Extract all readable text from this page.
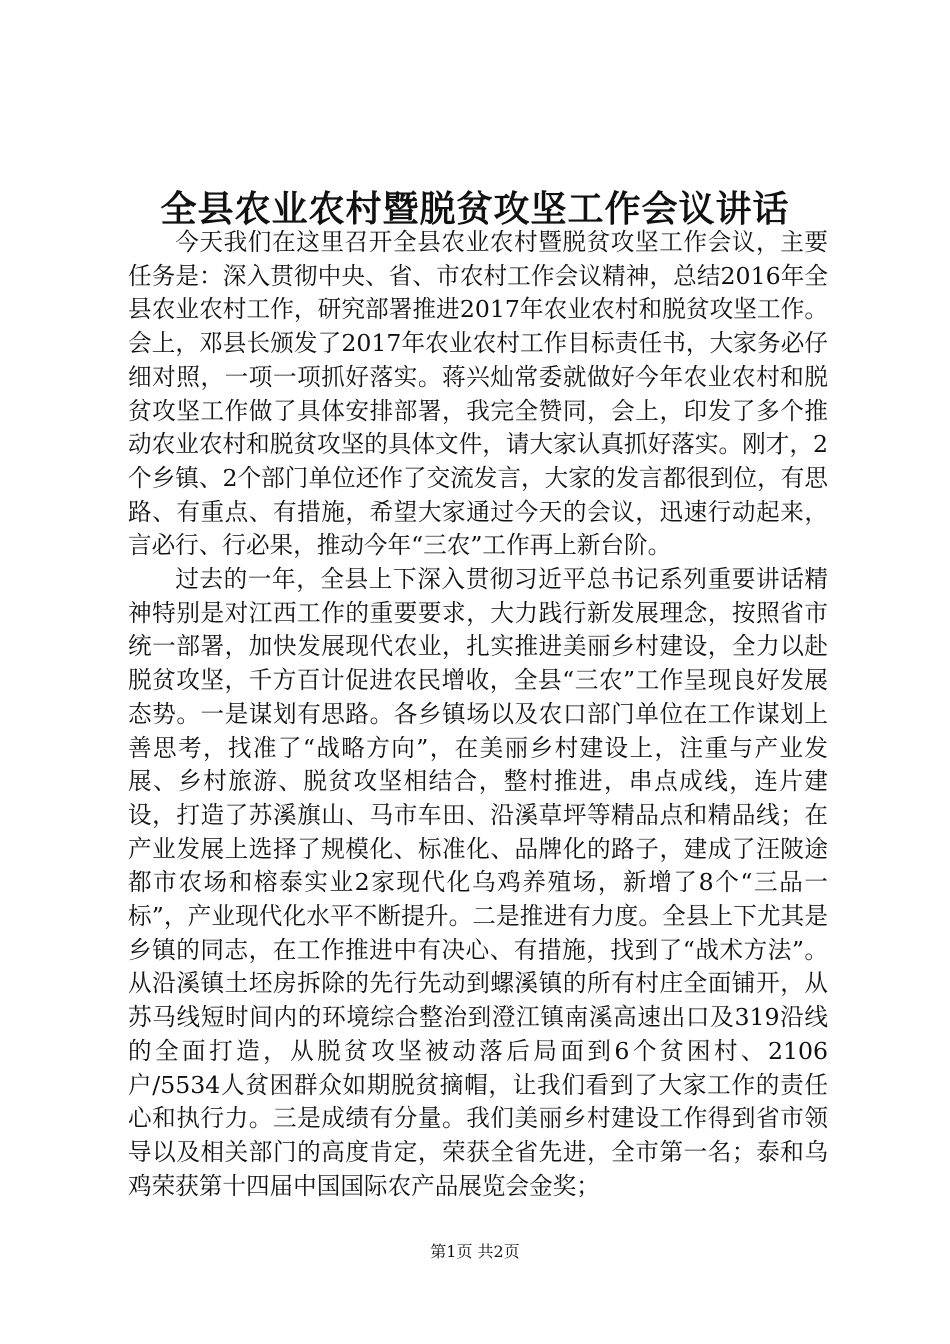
全县农业农村暨脱贫攻坚工作会议讲话

今天我们在这里召开全县农业农村暨脱贫攻坚工作会议，主要任务是：深入贯彻中央、省、市农村工作会议精神，总结2016年全县农业农村工作，研究部署推进2017年农业农村和脱贫攻坚工作。会上，邓县长颁发了2017年农业农村工作目标责任书，大家务必仔细对照，一项一项抓好落实。蒋兴灿常委就做好今年农业农村和脱贫攻坚工作做了具体安排部署，我完全赞同，会上，印发了多个推动农业农村和脱贫攻坚的具体文件，请大家认真抓好落实。刚才，2个乡镇、2个部门单位还作了交流发言，大家的发言都很到位，有思路、有重点、有措施，希望大家通过今天的会议，迅速行动起来，言必行、行必果，推动今年“三农”工作再上新台阶。

过去的一年，全县上下深入贯彻习近平总书记系列重要讲话精神特别是对江西工作的重要要求，大力践行新发展理念，按照省市统一部署，加快发展现代农业，扎实推进美丽乡村建设，全力以赴脱贫攻坚，千方百计促进农民增收，全县“三农”工作呈现良好发展态势。一是谋划有思路。各乡镇场以及农口部门单位在工作谋划上善思考，找准了“战略方向”，在美丽乡村建设上，注重与产业发展、乡村旅游、脱贫攻坚相结合，整村推进，串点成线，连片建设，打造了苏溪旗山、马市车田、沿溪草坪等精品点和精品线；在产业发展上选择了规模化、标准化、品牌化的路子，建成了汪陂途都市农场和榕泰实业2家现代化乌鸡养殖场，新增了8个“三品一标”，产业现代化水平不断提升。二是推进有力度。全县上下尤其是乡镇的同志，在工作推进中有决心、有措施，找到了“战术方法”。从沿溪镇土坯房拆除的先行先动到螺溪镇的所有村庄全面铺开，从苏马线短时间内的环境综合整治到澄江镇南溪高速出口及319沿线的全面打造，从脱贫攻坚被动落后局面到6个贫困村、2106户/5534人贫困群众如期脱贫摘帽，让我们看到了大家工作的责任心和执行力。三是成绩有分量。我们美丽乡村建设工作得到省市领导以及相关部门的高度肯定，荣获全省先进，全市第一名；泰和乌鸡荣获第十四届中国国际农产品展览会金奖；

第1页 共2页
